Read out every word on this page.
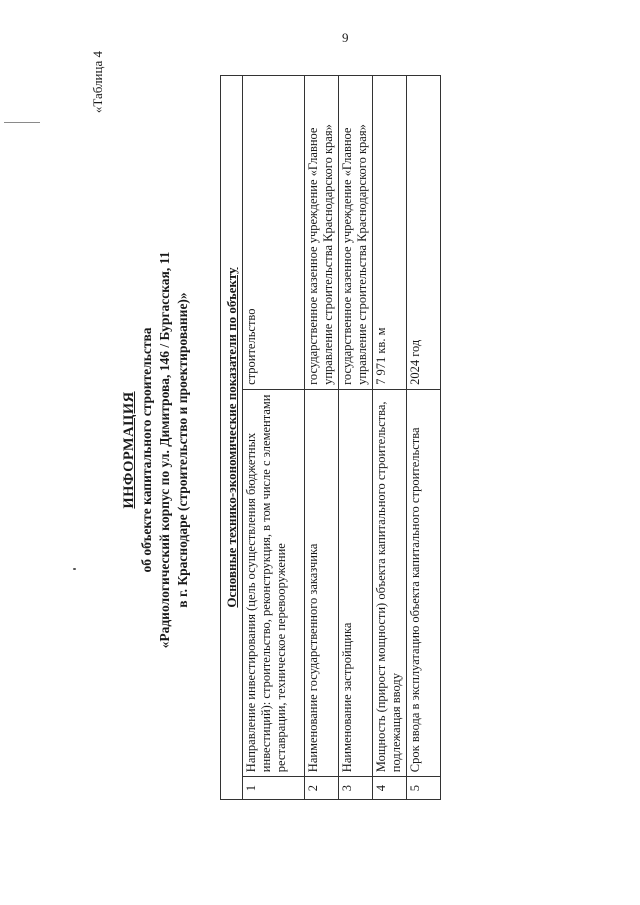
9
«Таблица 4
ИНФОРМАЦИЯ об объекте капитального строительства «Радиологический корпус по ул. Димитрова, 146 / Бургасская, 11 в г. Краснодаре (строительство и проектирование)»	Основные технико-экономические показатели по объекту		
1	Направление инвестирования (цель осуществления бюджетных инвестиций): строительство, реконструкция, в том числе с элементами реставрации, техническое перевооружение	строительство
2	Наименование государственного заказчика	государственное казенное учреждение «Главное управление строительства Краснодарского края»
3	Наименование застройщика	государственное казенное учреждение «Главное управление строительства Краснодарского края»
4	Мощность (прирост мощности) объекта капитального строительства, подлежащая вводу	7 971 кв. м
5	Срок ввода в эксплуатацию объекта капитального строительства	2024 год
